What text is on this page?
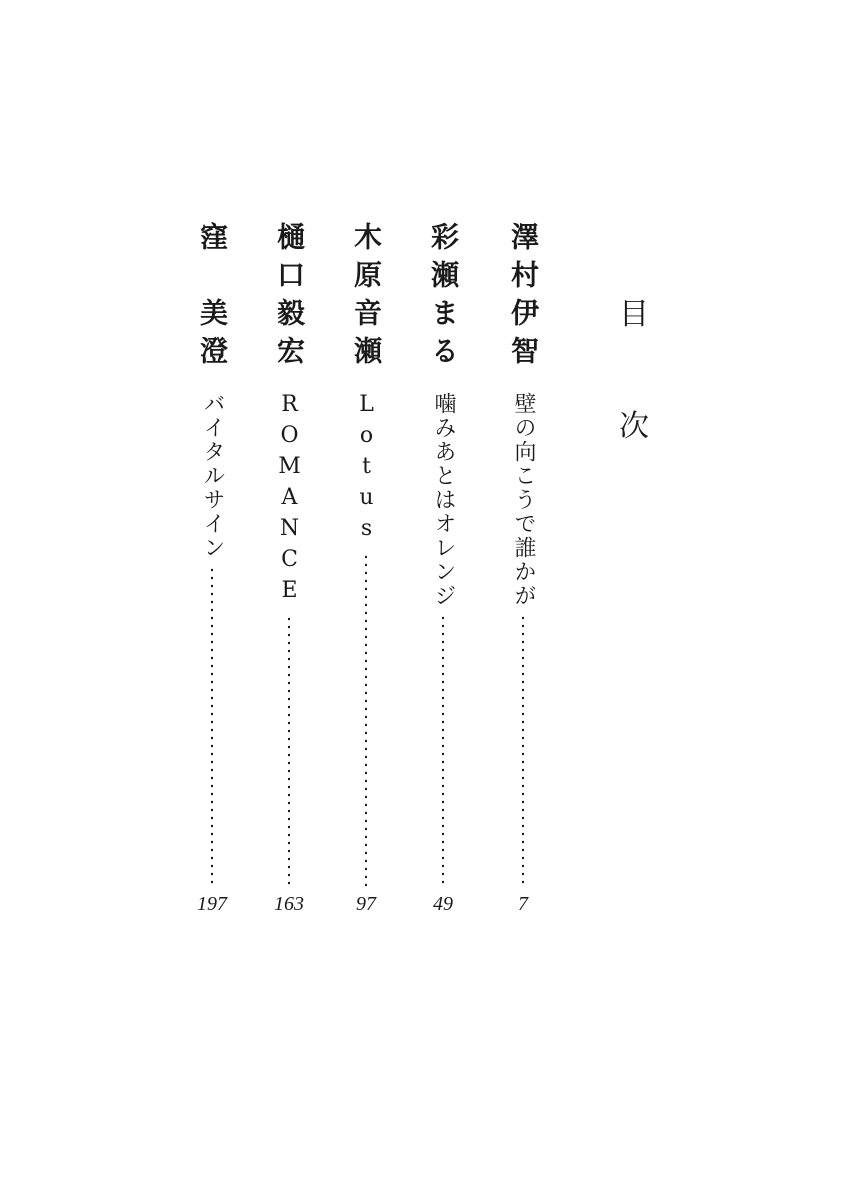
目
次
澤村伊智
壁の向こうで誰かが
7
彩瀬まる
噛みあとはオレンジ
49
木原音瀬
Lotus
97
樋口毅宏
ROMANCE
163
窪　美澄
バイタルサイン
197
